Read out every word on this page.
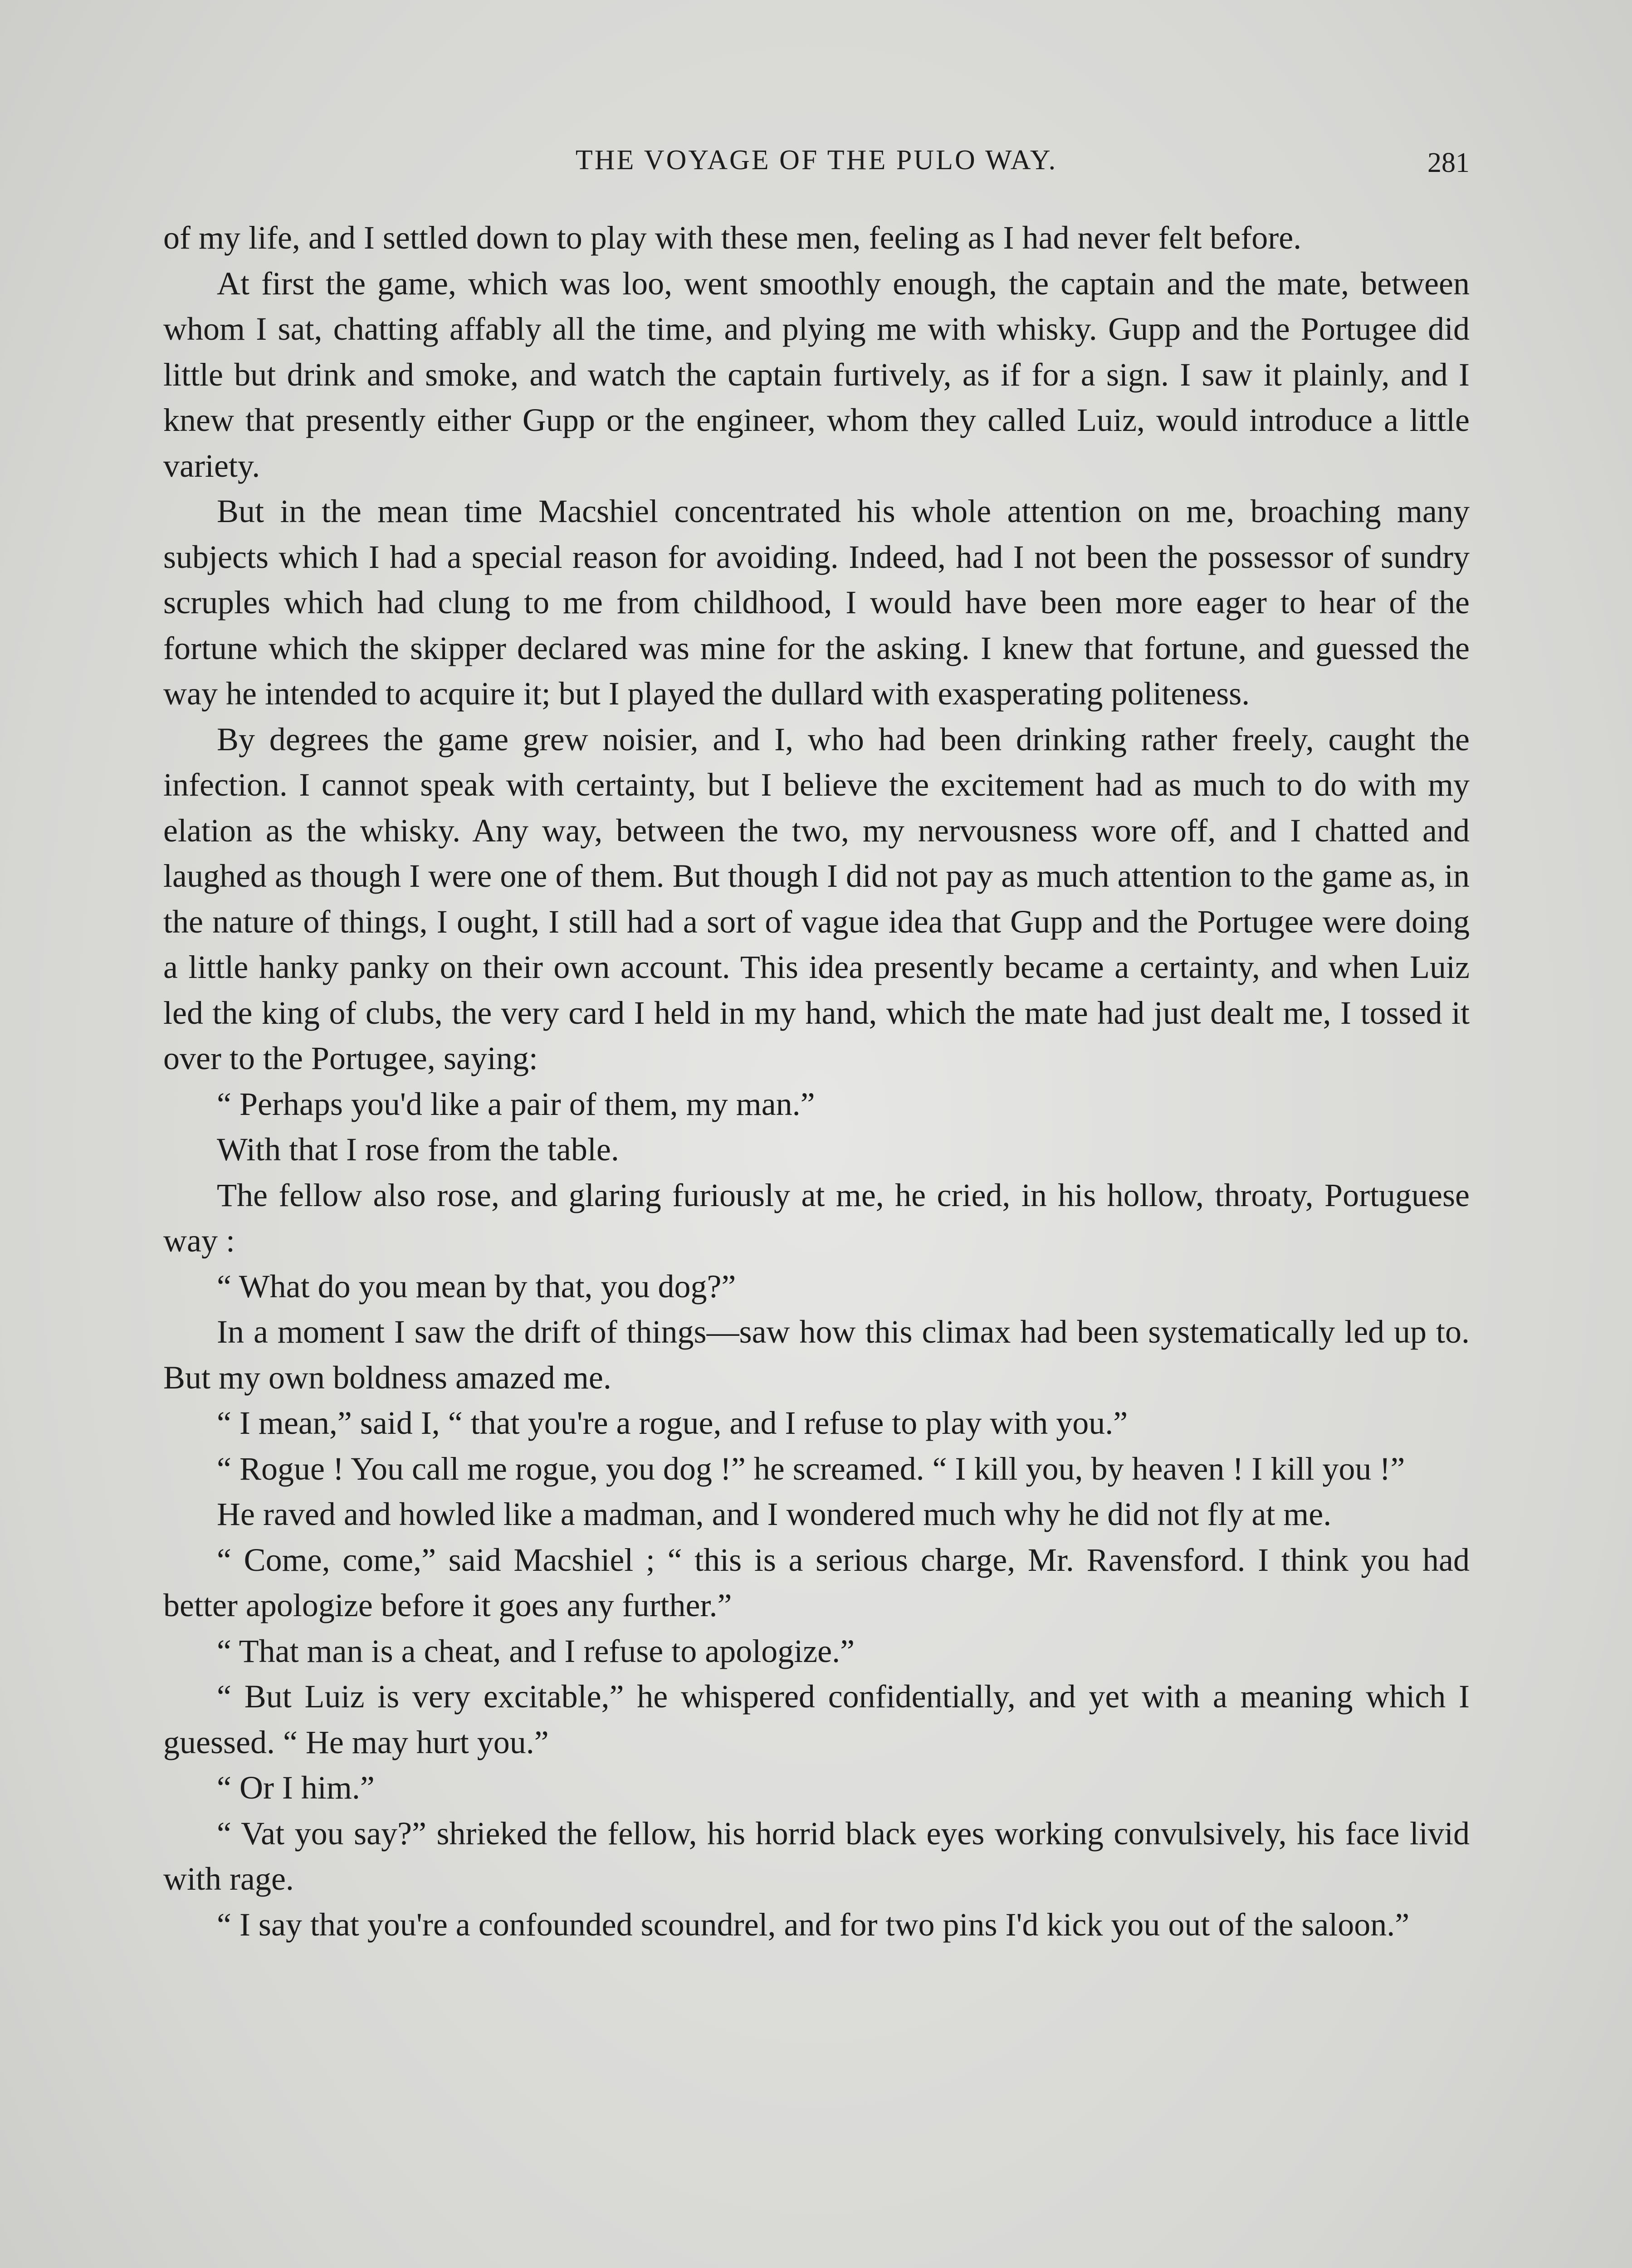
THE VOYAGE OF THE PULO WAY.	281

of my life, and I settled down to play with these men, feeling as I had never felt before.

At first the game, which was loo, went smoothly enough, the captain and the mate, between whom I sat, chatting affably all the time, and plying me with whisky. Gupp and the Portugee did little but drink and smoke, and watch the captain furtively, as if for a sign. I saw it plainly, and I knew that presently either Gupp or the engineer, whom they called Luiz, would introduce a little variety.

But in the mean time Macshiel concentrated his whole attention on me, broaching many subjects which I had a special reason for avoiding. Indeed, had I not been the possessor of sundry scruples which had clung to me from childhood, I would have been more eager to hear of the fortune which the skipper declared was mine for the asking. I knew that fortune, and guessed the way he intended to acquire it; but I played the dullard with exasperating politeness.

By degrees the game grew noisier, and I, who had been drinking rather freely, caught the infection. I cannot speak with certainty, but I believe the excitement had as much to do with my elation as the whisky. Any way, between the two, my nervousness wore off, and I chatted and laughed as though I were one of them. But though I did not pay as much attention to the game as, in the nature of things, I ought, I still had a sort of vague idea that Gupp and the Portugee were doing a little hanky panky on their own account. This idea presently became a certainty, and when Luiz led the king of clubs, the very card I held in my hand, which the mate had just dealt me, I tossed it over to the Portugee, saying:

“ Perhaps you'd like a pair of them, my man.”

With that I rose from the table.

The fellow also rose, and glaring furiously at me, he cried, in his hollow, throaty, Portuguese way :

“ What do you mean by that, you dog?”

In a moment I saw the drift of things—saw how this climax had been systematically led up to. But my own boldness amazed me.

“ I mean,” said I, “ that you're a rogue, and I refuse to play with you.”

“ Rogue ! You call me rogue, you dog !” he screamed. “ I kill you, by heaven ! I kill you !”

He raved and howled like a madman, and I wondered much why he did not fly at me.

“ Come, come,” said Macshiel ; “ this is a serious charge, Mr. Ravensford. I think you had better apologize before it goes any further.”

“ That man is a cheat, and I refuse to apologize.”

“ But Luiz is very excitable,” he whispered confidentially, and yet with a meaning which I guessed. “ He may hurt you.”

“ Or I him.”

“ Vat you say?” shrieked the fellow, his horrid black eyes working convulsively, his face livid with rage.

“ I say that you're a confounded scoundrel, and for two pins I'd kick you out of the saloon.”
